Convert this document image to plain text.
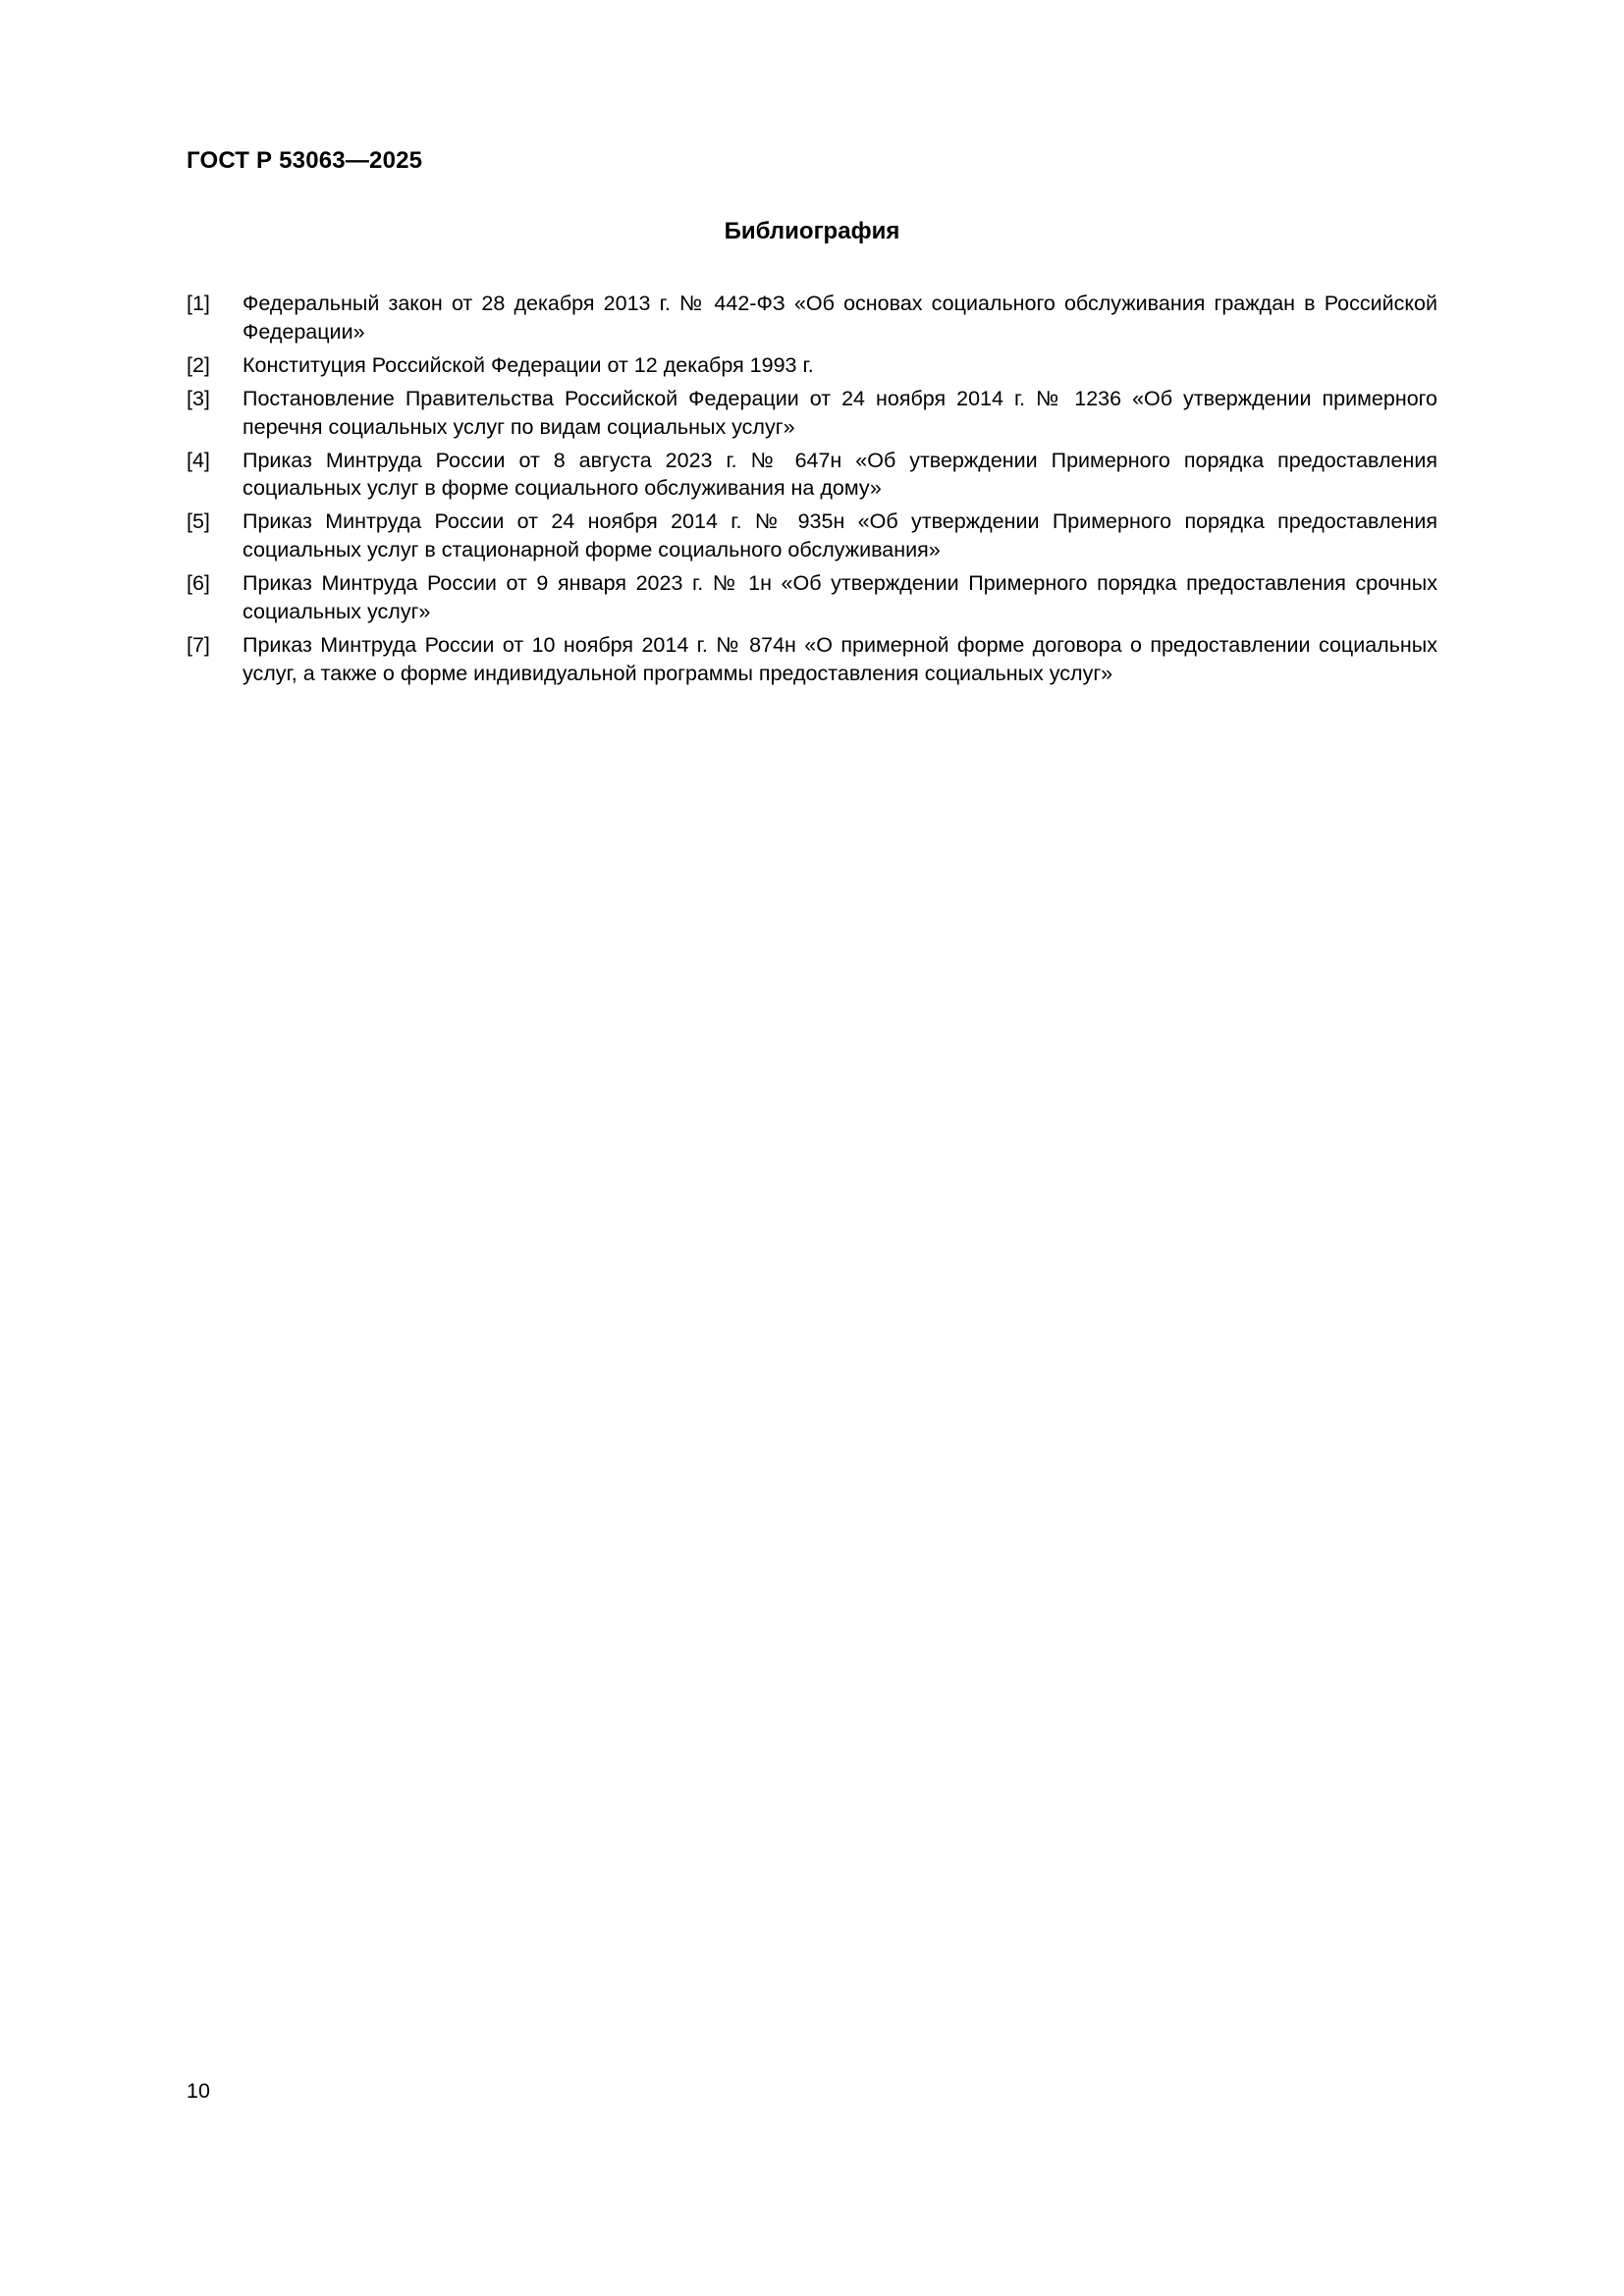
ГОСТ Р 53063—2025
Библиография
[1]	Федеральный закон от 28 декабря 2013 г. № 442-ФЗ «Об основах социального обслуживания граждан в Российской Федерации»
[2]	Конституция Российской Федерации от 12 декабря 1993 г.
[3]	Постановление Правительства Российской Федерации от 24 ноября 2014 г. № 1236 «Об утверждении примерного перечня социальных услуг по видам социальных услуг»
[4]	Приказ Минтруда России от 8 августа 2023 г. № 647н «Об утверждении Примерного порядка предоставления социальных услуг в форме социального обслуживания на дому»
[5]	Приказ Минтруда России от 24 ноября 2014 г. № 935н «Об утверждении Примерного порядка предоставления социальных услуг в стационарной форме социального обслуживания»
[6]	Приказ Минтруда России от 9 января 2023 г. № 1н «Об утверждении Примерного порядка предоставления срочных социальных услуг»
[7]	Приказ Минтруда России от 10 ноября 2014 г. № 874н «О примерной форме договора о предоставлении социальных услуг, а также о форме индивидуальной программы предоставления социальных услуг»
10
